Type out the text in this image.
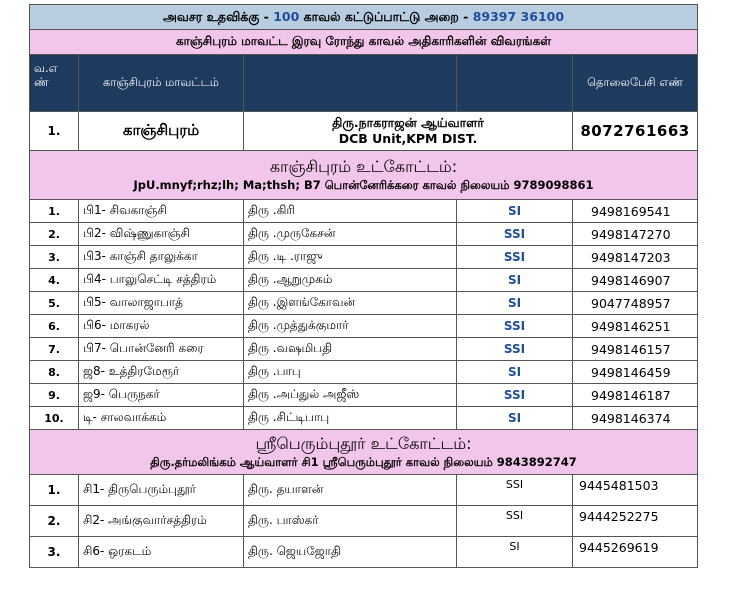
அவசர உதவிக்கு - 100 காவல் கட்டுப்பாட்டு அறை - 89397 36100				
காஞ்சிபுரம் மாவட்ட இரவு ரோந்து காவல் அதிகாரிகளின் விவரங்கள்				
வ.எ ண்	காஞ்சிபுரம் மாவட்டம்			தொலைபேசி எண்
1.	காஞ்சிபுரம்	திரு.நாகராஜன் ஆய்வாளர்
DCB Unit,KPM DIST.		8072761663

காஞ்சிபுரம் உட்கோட்டம்:
JpU.mnyf;rhz;lh; Ma;thsh; B7 பொன்னேரிக்கரை காவல் நிலையம் 9789098861				

1.	பி1- சிவகாஞ்சி	திரு .கிரி	SI	9498169541
2.	பி2- விஷ்ணுகாஞ்சி	திரு .முருகேசன்	SSI	9498147270
3.	பி3- காஞ்சி தாலுக்கா	திரு .டி .ராஜு	SSI	9498147203
4.	பி4- பாலுசெட்டி சத்திரம்	திரு .ஆறுமுகம்	SI	9498146907
5.	பி5- வாலாஜாபாத்	திரு .இளங்கோவன்	SI	9047748957
6.	பி6- மாகரல்	திரு .முத்துக்குமார்	SSI	9498146251
7.	பி7- பொன்னேரி கரை	திரு .வஷமிபதி	SSI	9498146157
8.	ஜ8- உத்திரமேரூர்	திரு .பாபு	SI	9498146459
9.	ஜ9- பெருநகர்	திரு .அப்துல் அஜீஸ்	SSI	9498146187
10.	டி- சாலவாக்கம்	திரு .சிட்டிபாபு	SI	9498146374

ஸ்ரீபெரும்புதூர் உட்கோட்டம்:
திரு.தர்மலிங்கம் ஆய்வாளர் சி1 ஸ்ரீபெரும்புதூர் காவல் நிலையம் 9843892747				

1.	சி1- திருபெரும்புதூர்	திரு. தயாளன்	SSI	9445481503
2.	சி2- அங்குவார்சத்திரம்	திரு. பாஸ்கர்	SSI	9444252275
3.	சி6- ஒரகடம்	திரு. ஜெயஜோதி	SI	9445269619
